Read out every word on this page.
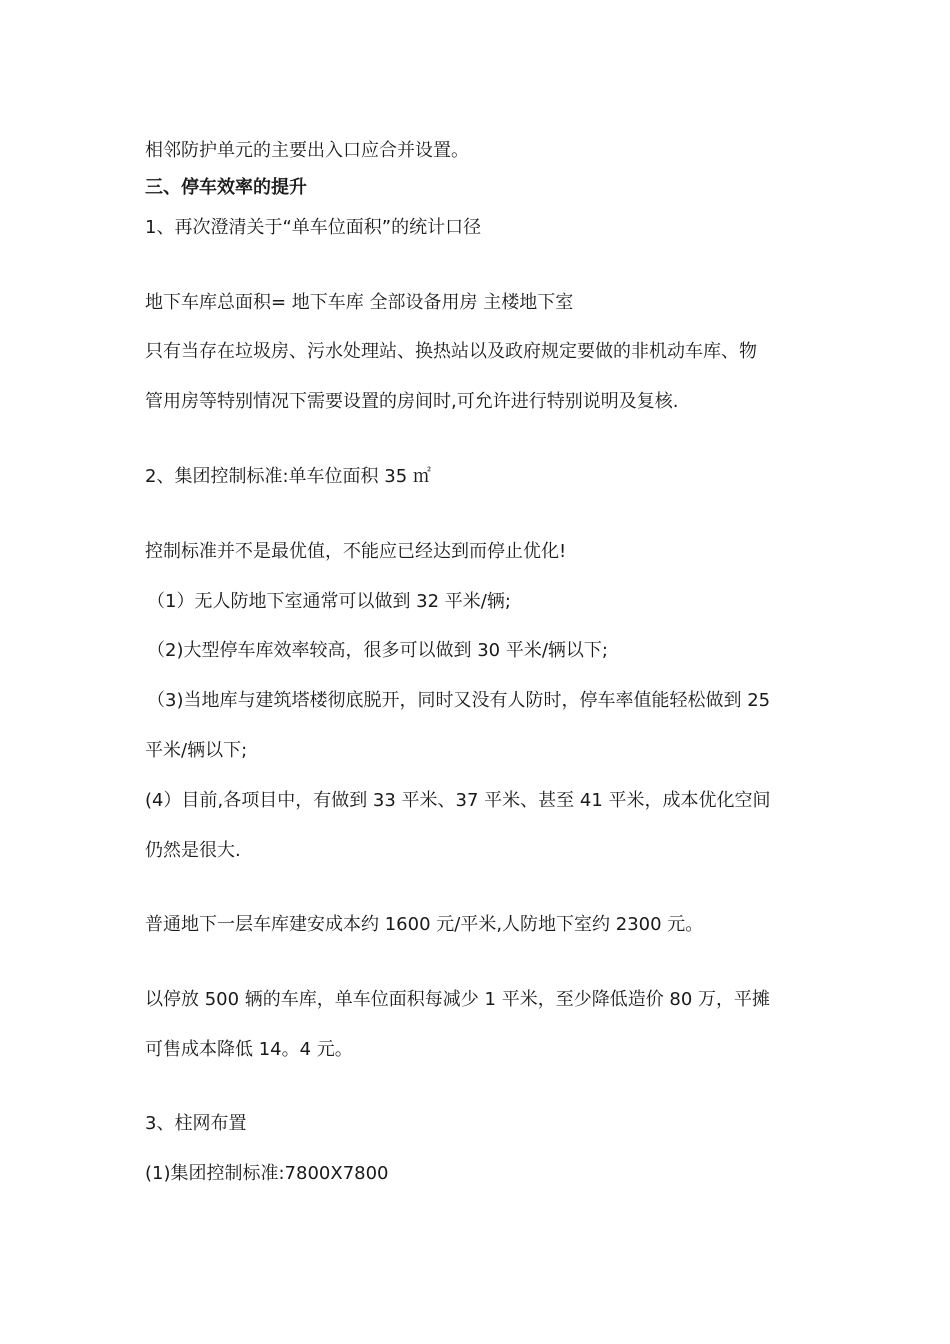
相邻防护单元的主要出入口应合并设置。
三、停车效率的提升
1、再次澄清关于“单车位面积”的统计口径
地下车库总面积= 地下车库 全部设备用房 主楼地下室
只有当存在垃圾房、污水处理站、换热站以及政府规定要做的非机动车库、物
管用房等特别情况下需要设置的房间时,可允许进行特别说明及复核.
2、集团控制标准:单车位面积 35 ㎡
控制标准并不是最优值，不能应已经达到而停止优化!
（1）无人防地下室通常可以做到 32 平米/辆;
（2)大型停车库效率较高，很多可以做到 30 平米/辆以下;
（3)当地库与建筑塔楼彻底脱开，同时又没有人防时，停车率值能轻松做到 25
平米/辆以下;
(4）目前,各项目中，有做到 33 平米、37 平米、甚至 41 平米，成本优化空间
仍然是很大.
普通地下一层车库建安成本约 1600 元/平米,人防地下室约 2300 元。
以停放 500 辆的车库，单车位面积每减少 1 平米，至少降低造价 80 万，平摊
可售成本降低 14。4 元。
3、柱网布置
(1)集团控制标准:7800X7800
